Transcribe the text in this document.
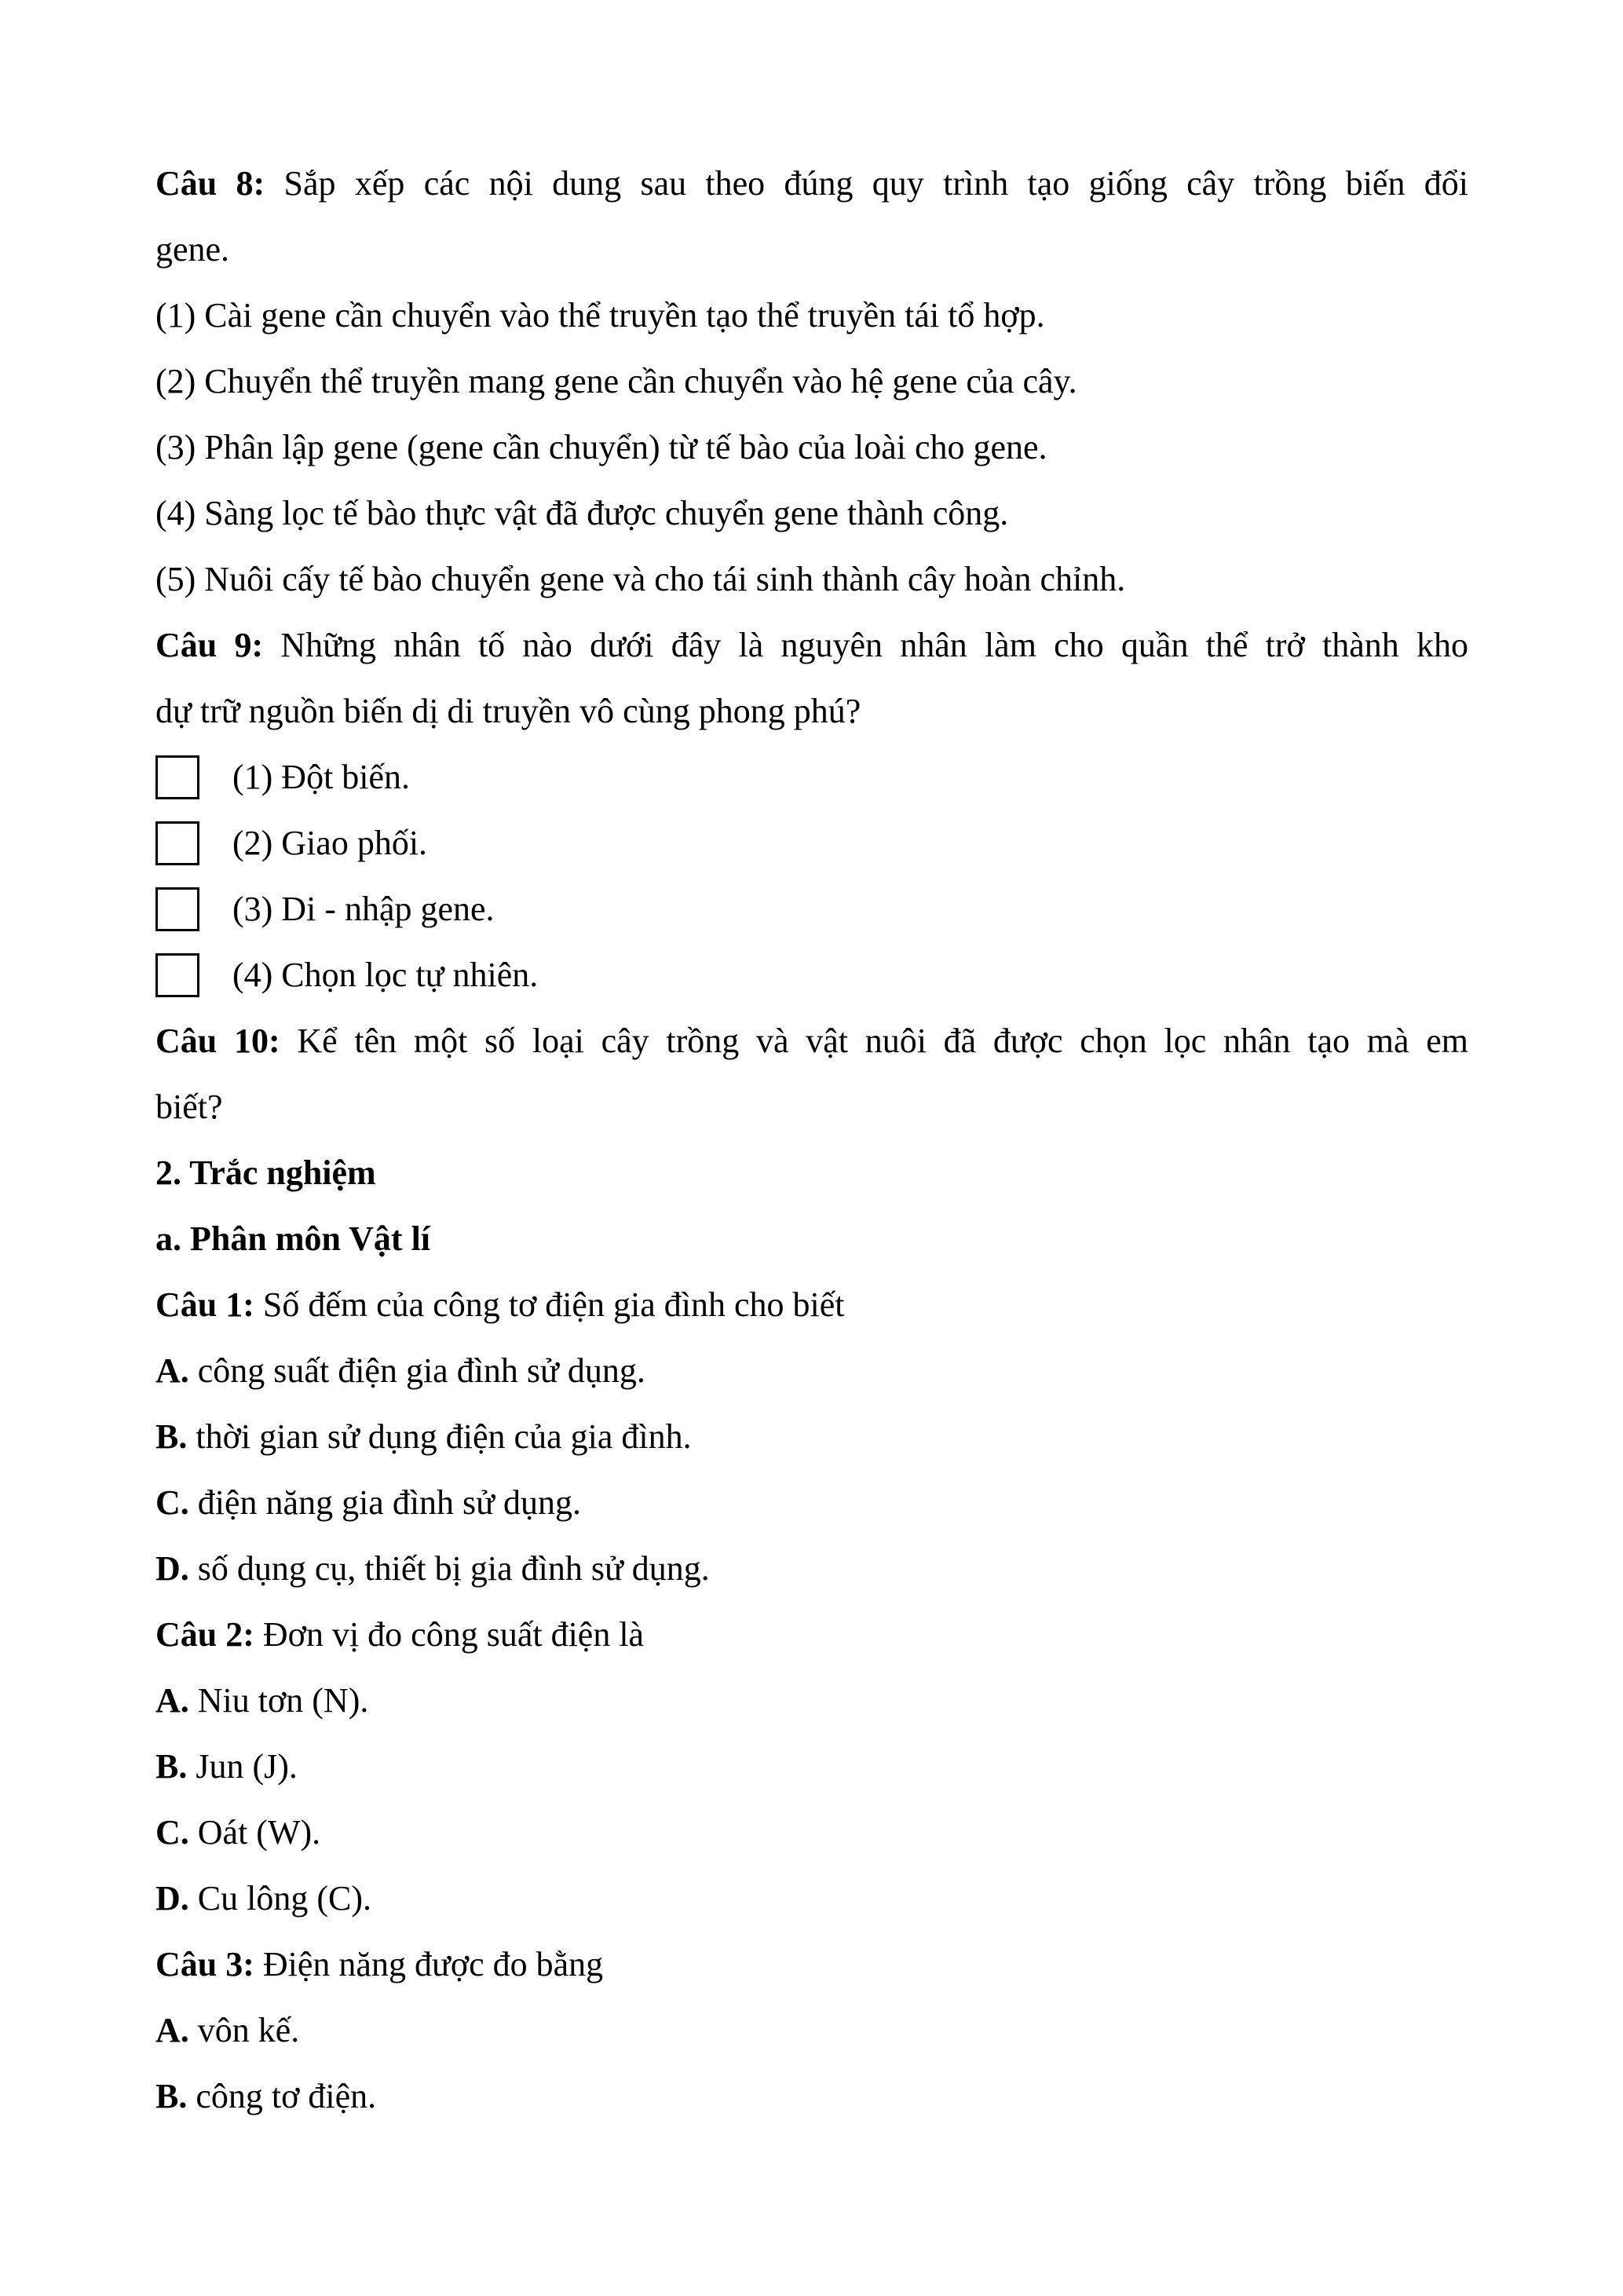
Câu 8: Sắp xếp các nội dung sau theo đúng quy trình tạo giống cây trồng biến đổi
gene.
(1) Cài gene cần chuyển vào thể truyền tạo thể truyền tái tổ hợp.
(2) Chuyển thể truyền mang gene cần chuyển vào hệ gene của cây.
(3) Phân lập gene (gene cần chuyển) từ tế bào của loài cho gene.
(4) Sàng lọc tế bào thực vật đã được chuyển gene thành công.
(5) Nuôi cấy tế bào chuyển gene và cho tái sinh thành cây hoàn chỉnh.
Câu 9: Những nhân tố nào dưới đây là nguyên nhân làm cho quần thể trở thành kho
dự trữ nguồn biến dị di truyền vô cùng phong phú?
(1) Đột biến.
(2) Giao phối.
(3) Di - nhập gene.
(4) Chọn lọc tự nhiên.
Câu 10: Kể tên một số loại cây trồng và vật nuôi đã được chọn lọc nhân tạo mà em
biết?
2. Trắc nghiệm
a. Phân môn Vật lí
Câu 1: Số đếm của công tơ điện gia đình cho biết
A. công suất điện gia đình sử dụng.
B. thời gian sử dụng điện của gia đình.
C. điện năng gia đình sử dụng.
D. số dụng cụ, thiết bị gia đình sử dụng.
Câu 2: Đơn vị đo công suất điện là
A. Niu tơn (N).
B. Jun (J).
C. Oát (W).
D. Cu lông (C).
Câu 3: Điện năng được đo bằng
A. vôn kế.
B. công tơ điện.
